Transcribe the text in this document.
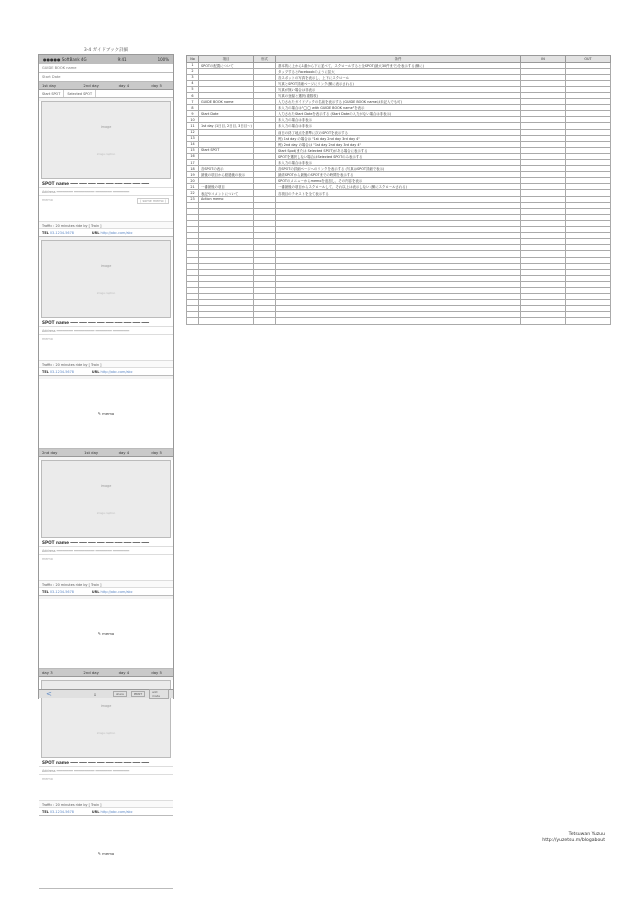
3-4 ガイドブック詳細
●●●●● SoftBank 4G	9:41	100%
GUIDE BOOK name
Start Date
1st day	2nd day	day 4	day 5
Start SPOT	Selected SPOT
image
image caption
SPOT name ━━━ ━━━ ━━━ ━━━ ━━━ ━━━ ━━━ ━━━ ━━━
Address ━━━━━━━━ ━━━━━━━━━━ ━━━━━━━━ ━━━━━━━━
memo	( some memo )
Traffic : 20 minutes ride by [ Train ]
TEL 03-1234-5678	URL http://abc.com/abc
image
image caption
SPOT name ━━━ ━━━ ━━━ ━━━ ━━━ ━━━ ━━━ ━━━ ━━━
Address ━━━━━━━━ ━━━━━━━━━━ ━━━━━━━━ ━━━━━━━━
memo
Traffic : 20 minutes ride by [ Train ]
TEL 03-1234-5678	URL http://abc.com/abc
✎ memo
2nd day	1st day	day 4	day 5
image
image caption
SPOT name ━━━ ━━━ ━━━ ━━━ ━━━ ━━━ ━━━ ━━━ ━━━
Address ━━━━━━━━ ━━━━━━━━━━ ━━━━━━━━ ━━━━━━━━
memo
Traffic : 20 minutes ride by [ Train ]
TEL 03-1234-5678	URL http://abc.com/abc
✎ memo
day 3	2nd day	day 4	day 5
image
image caption
SPOT name ━━━ ━━━ ━━━ ━━━ ━━━ ━━━ ━━━ ━━━ ━━━
Address ━━━━━━━━ ━━━━━━━━━━ ━━━━━━━━ ━━━━━━━━
memo
Traffic : 20 minutes ride by [ Train ]
TEL 03-1234-5678	URL http://abc.com/abc
✎ memo
<	⇓	share	PRINT	add mode
No	項目	形式	条件	IN	OUT
1	SPOTの配置について		基本的に上から1番から下に並べて、スクロールすると全SPOT(最大30件まで)を表示する(横に)		
2			タップするとFacebookのように拡大		
3			各スポットの写真を表示し、上下にスクロール		
4			写真とSPOT詳細ページにリンク(横に表示される)		
5			写真が無い場合は非表示		
6			写真の登録と選択(複数枚)		
7	GUIDE BOOK name		入力されたガイドブックの名前を表示する (GUIDE BOOK nameは未記入でも可)		
8			未入力の場合は"◯◯ with GUIDE BOOK name"を表示		
9	Start Date		入力されたStart Dateを表示する (Start Dateの入力がない場合は非表示)		
10			未入力の場合は非表示		
11	1st day (1日目, 2日目, 3日目〜)		未入力の場合は非表示		
12			前日の終了地点を基準に次のSPOTを表示する		
13			例) 1st day の場合は "1st day 2nd day 3rd day 4"		
14			例) 2nd day の場合は "1st day 2nd day 3rd day 4"		
15	Start SPOT		Start Spot(または Selected SPOT)がある場合に表示する		
16			SPOTを選択しない場合はSelected SPOTのみ表示する		
17			未入力の場合は非表示		
18	各SPOTの表示		各SPOTの詳細ページへのリンクを表示する (写真はSPOT詳細で表示)		
19	最後の項目から経過後の表示		最終SPOTから最後のSPOTまでの時間を表示する		
20			SPOTのメニューからmemoを追加し、その内容を表示		
21	一番最後の項目		一番最後の項目からスクロールして、それ以上は表示しない (横にスクロールされる)		
22	表記やコメントについて		各項目のテキストを全て表示する		
23	Action memo				

Tetsuwan Yuzuu
http://yuzetsu.m/blogabout
